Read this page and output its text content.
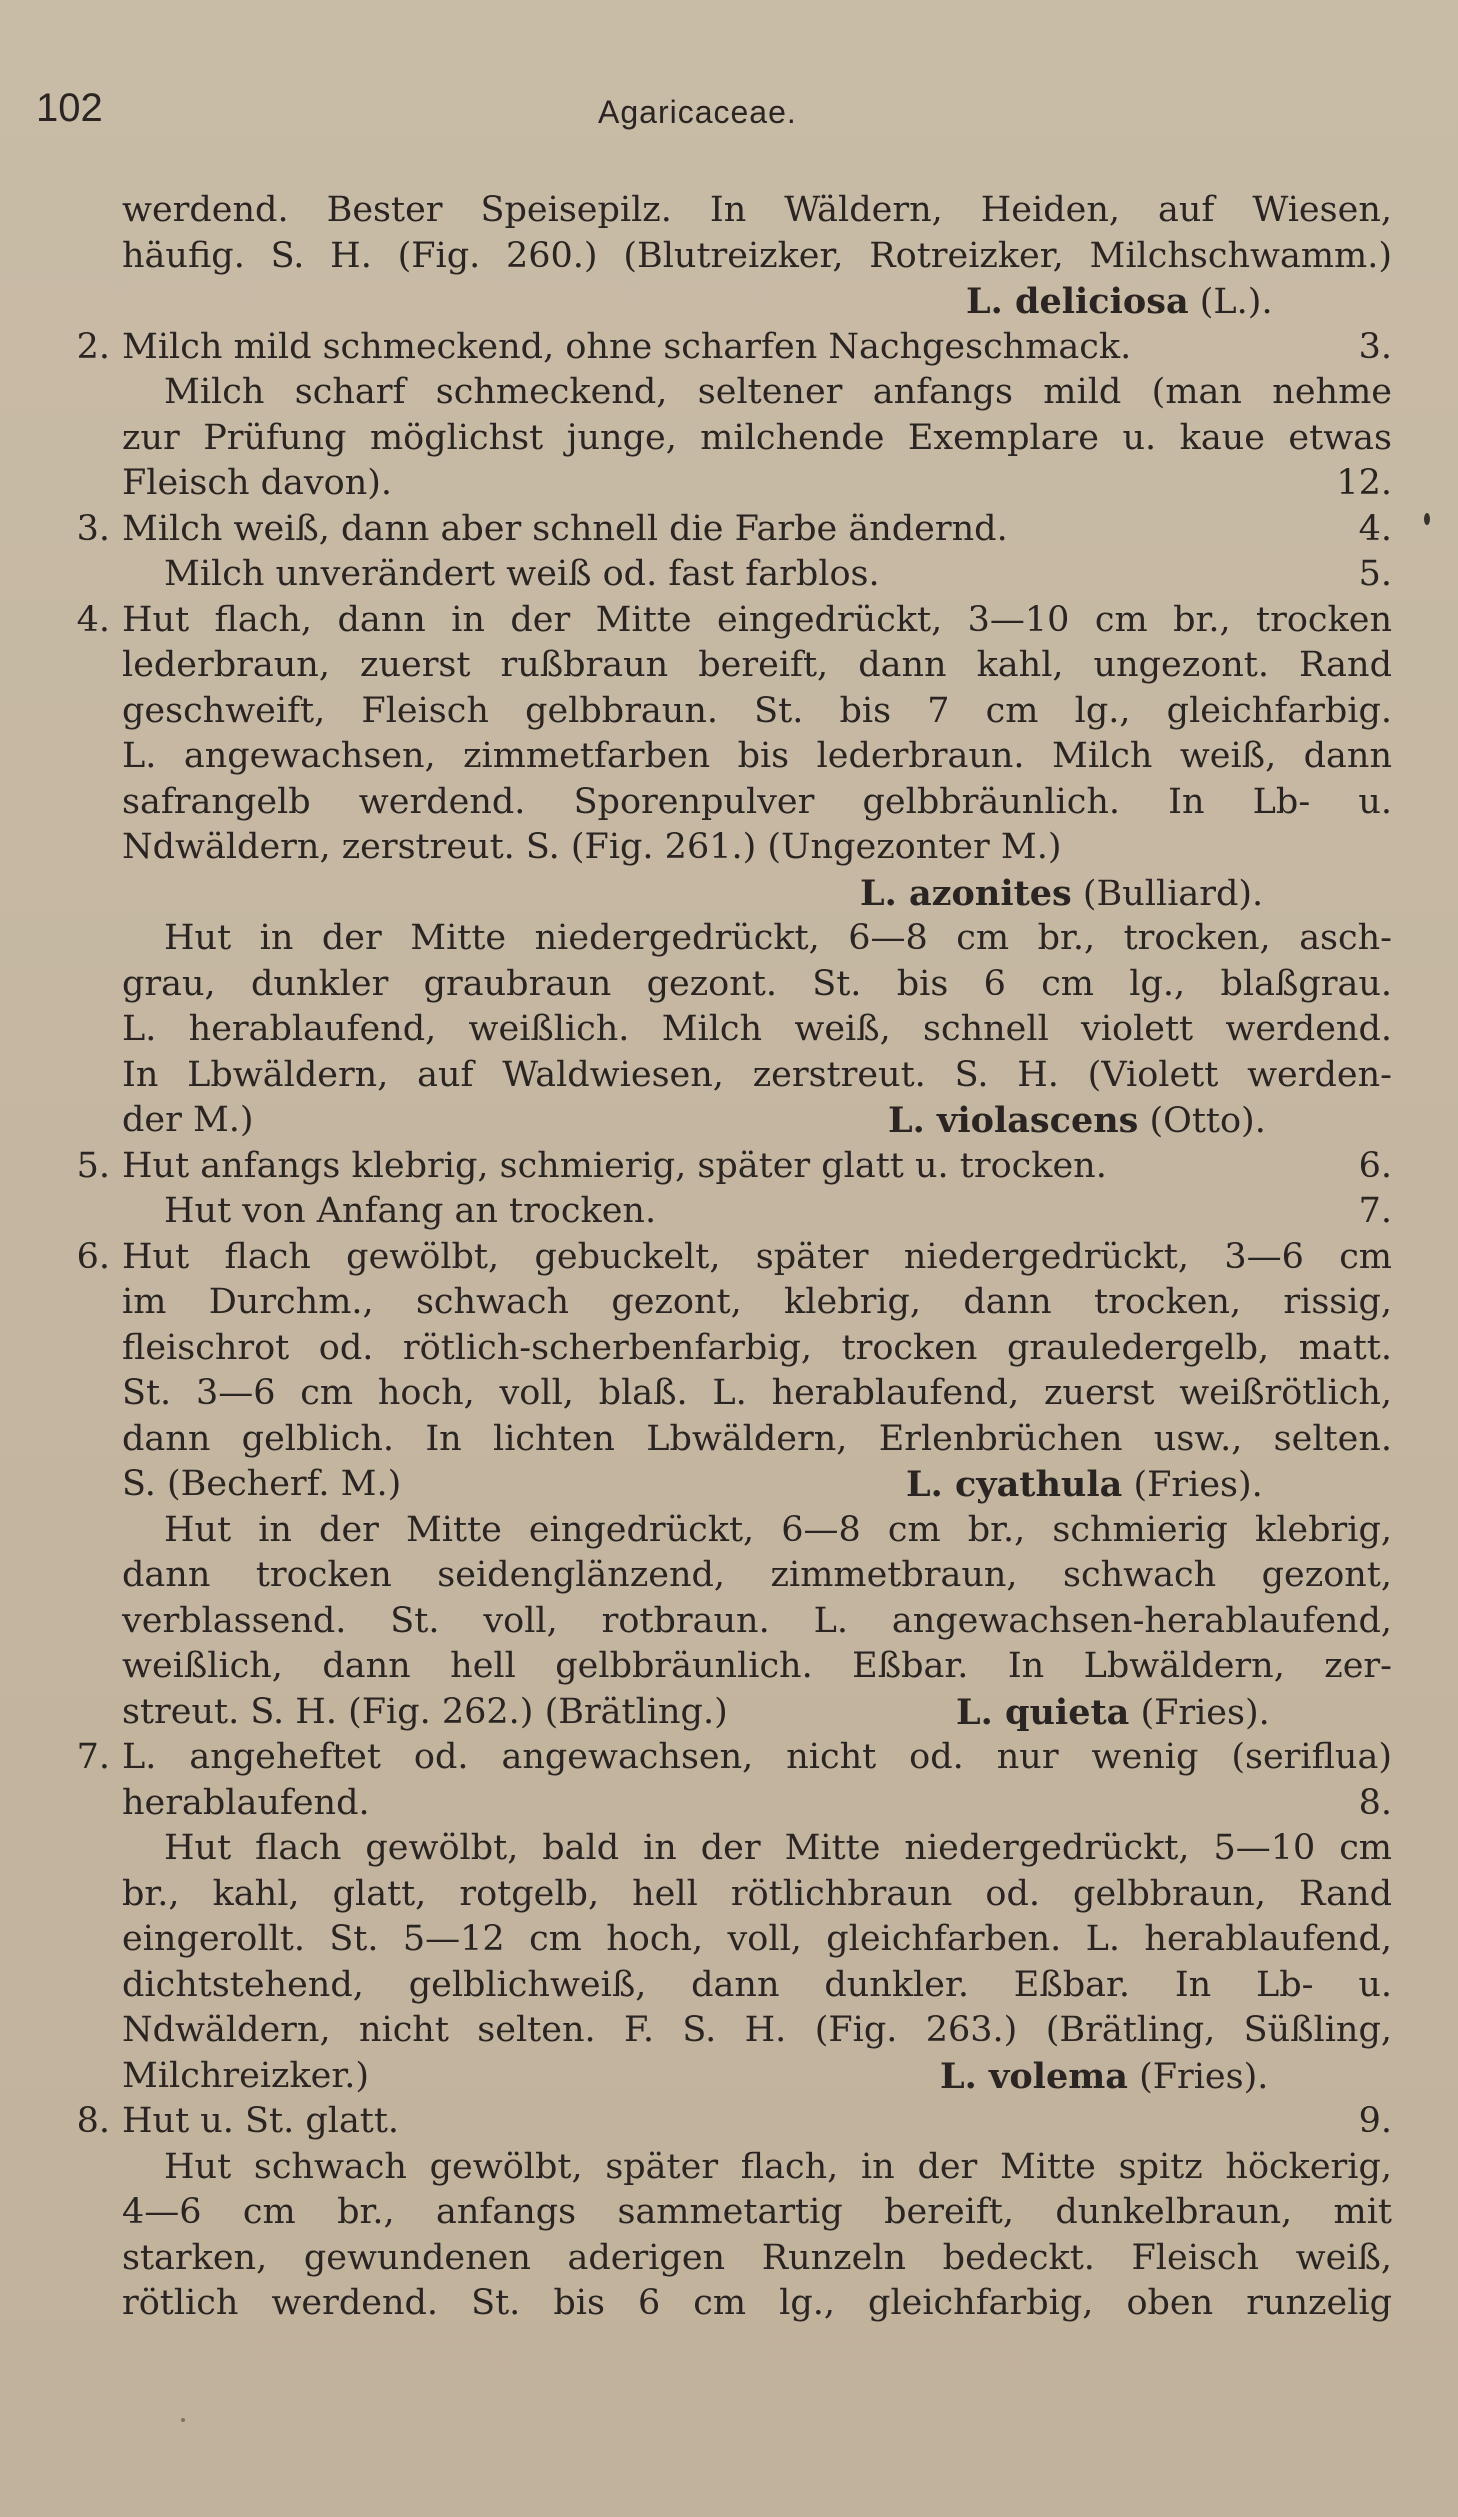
102	Agaricaceae.
werdend. Bester Speisepilz. In Wäldern, Heiden, auf Wiesen,
häufig. S. H. (Fig. 260.) (Blutreizker, Rotreizker, Milchschwamm.)
L. deliciosa (L.).
2. Milch mild schmeckend, ohne scharfen Nachgeschmack.	3.
Milch scharf schmeckend, seltener anfangs mild (man nehme
zur Prüfung möglichst junge, milchende Exemplare u. kaue etwas
Fleisch davon).	12.
3. Milch weiß, dann aber schnell die Farbe ändernd.	4.
Milch unverändert weiß od. fast farblos.	5.
4. Hut flach, dann in der Mitte eingedrückt, 3—10 cm br., trocken
lederbraun, zuerst rußbraun bereift, dann kahl, ungezont. Rand
geschweift, Fleisch gelbbraun. St. bis 7 cm lg., gleichfarbig.
L. angewachsen, zimmetfarben bis lederbraun. Milch weiß, dann
safrangelb werdend. Sporenpulver gelbbräunlich. In Lb- u.
Ndwäldern, zerstreut. S. (Fig. 261.) (Ungezonter M.)
L. azonites (Bulliard).
Hut in der Mitte niedergedrückt, 6—8 cm br., trocken, asch-
grau, dunkler graubraun gezont. St. bis 6 cm lg., blaßgrau.
L. herablaufend, weißlich. Milch weiß, schnell violett werdend.
In Lbwäldern, auf Waldwiesen, zerstreut. S. H. (Violett werden-
der M.)	L. violascens (Otto).
5. Hut anfangs klebrig, schmierig, später glatt u. trocken.	6.
Hut von Anfang an trocken.	7.
6. Hut flach gewölbt, gebuckelt, später niedergedrückt, 3—6 cm
im Durchm., schwach gezont, klebrig, dann trocken, rissig,
fleischrot od. rötlich-scherbenfarbig, trocken grauledergelb, matt.
St. 3—6 cm hoch, voll, blaß. L. herablaufend, zuerst weißrötlich,
dann gelblich. In lichten Lbwäldern, Erlenbrüchen usw., selten.
S. (Becherf. M.)	L. cyathula (Fries).
Hut in der Mitte eingedrückt, 6—8 cm br., schmierig klebrig,
dann trocken seidenglänzend, zimmetbraun, schwach gezont,
verblassend. St. voll, rotbraun. L. angewachsen-herablaufend,
weißlich, dann hell gelbbräunlich. Eßbar. In Lbwäldern, zer-
streut. S. H. (Fig. 262.) (Brätling.)	L. quieta (Fries).
7. L. angeheftet od. angewachsen, nicht od. nur wenig (seriflua)
herablaufend.	8.
Hut flach gewölbt, bald in der Mitte niedergedrückt, 5—10 cm
br., kahl, glatt, rotgelb, hell rötlichbraun od. gelbbraun, Rand
eingerollt. St. 5—12 cm hoch, voll, gleichfarben. L. herablaufend,
dichtstehend, gelblichweiß, dann dunkler. Eßbar. In Lb- u.
Ndwäldern, nicht selten. F. S. H. (Fig. 263.) (Brätling, Süßling,
Milchreizker.)	L. volema (Fries).
8. Hut u. St. glatt.	9.
Hut schwach gewölbt, später flach, in der Mitte spitz höckerig,
4—6 cm br., anfangs sammetartig bereift, dunkelbraun, mit
starken, gewundenen aderigen Runzeln bedeckt. Fleisch weiß,
rötlich werdend. St. bis 6 cm lg., gleichfarbig, oben runzelig
